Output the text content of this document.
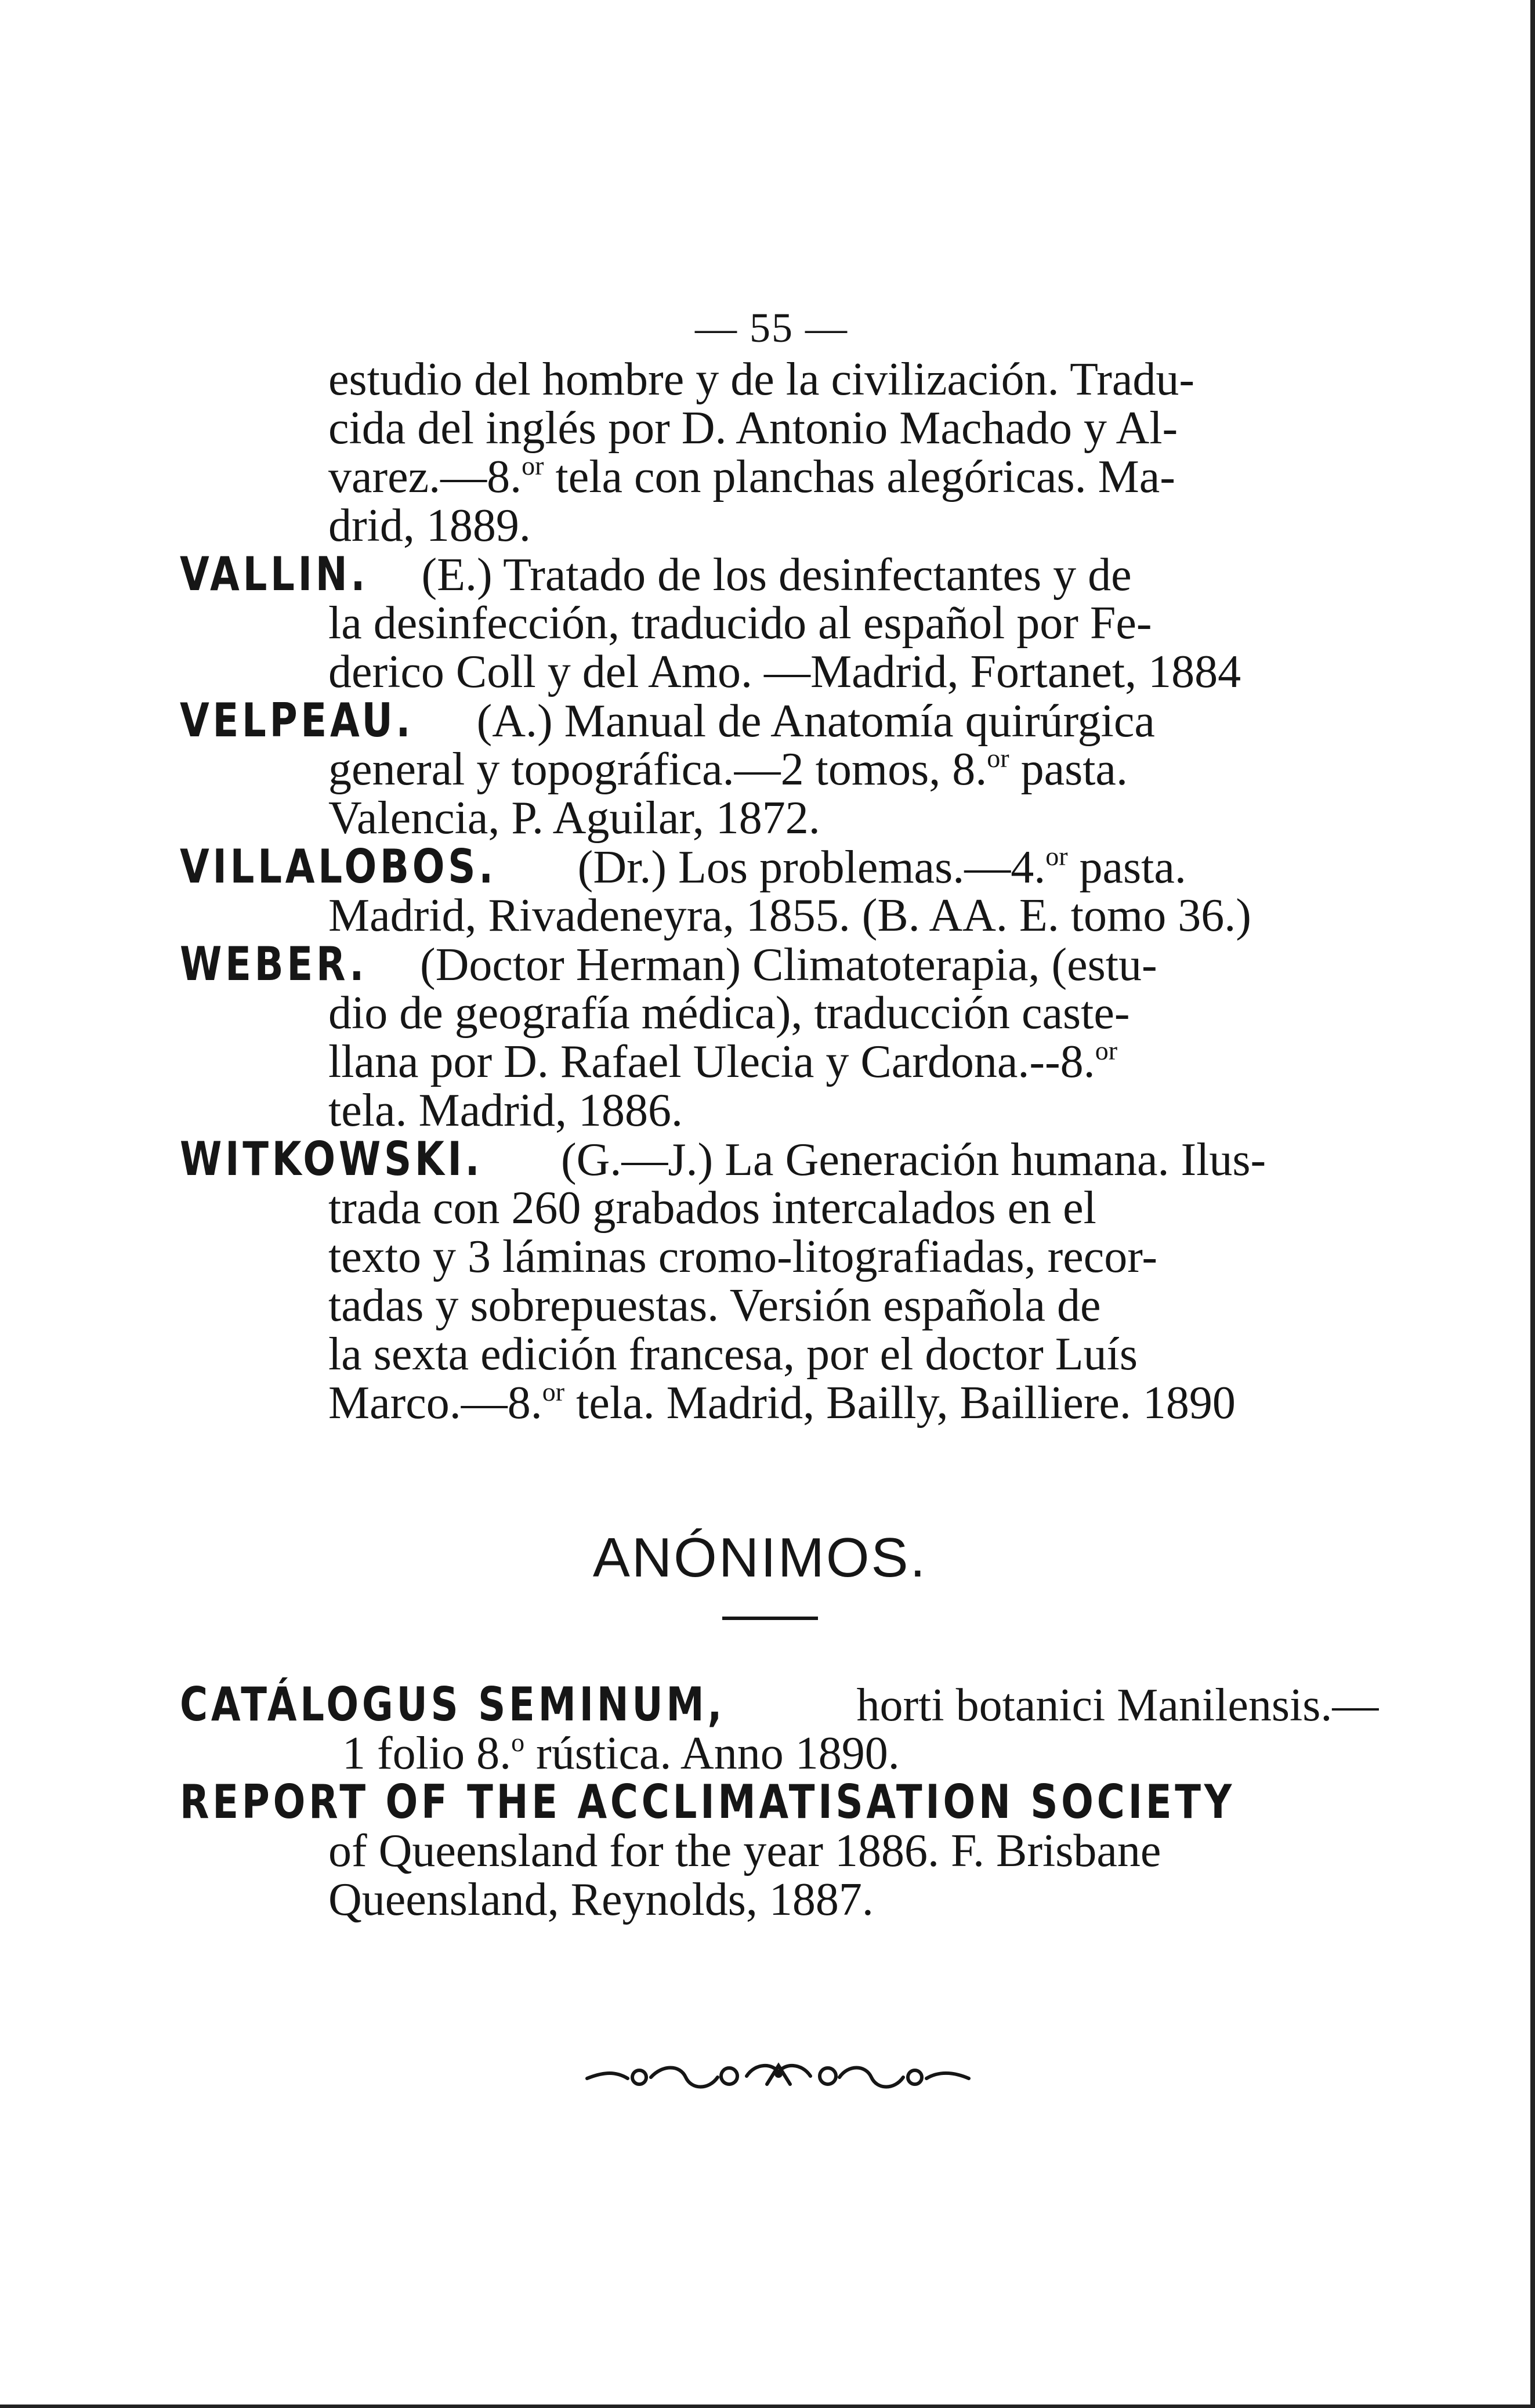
— 55 —
estudio del hombre y de la civilización. Tradu-
cida del inglés por D. Antonio Machado y Al-
varez.—8.$^{or}$ tela con planchas alegóricas. Ma-
drid, 1889.
VALLIN. (E.) Tratado de los desinfectantes y de
la desinfección, traducido al español por Fe-
derico Coll y del Amo. —Madrid, Fortanet, 1884
VELPEAU. (A.) Manual de Anatomía quirúrgica
general y topográfica.—2 tomos, 8.$^{or}$ pasta.
Valencia, P. Aguilar, 1872.
VILLALOBOS. (Dr.) Los problemas.—4.$^{or}$ pasta.
Madrid, Rivadeneyra, 1855. (B. AA. E. tomo 36.)
WEBER. (Doctor Herman) Climatoterapia, (estu-
dio de geografía médica), traducción caste-
llana por D. Rafael Ulecia y Cardona.--8.$^{or}$
tela. Madrid, 1886.
WITKOWSKI. (G.—J.) La Generación humana. Ilus-
trada con 260 grabados intercalados en el
texto y 3 láminas cromo-litografiadas, recor-
tadas y sobrepuestas. Versión española de
la sexta edición francesa, por el doctor Luís
Marco.—8.$^{or}$ tela. Madrid, Bailly, Bailliere. 1890
ANÓNIMOS.
CATÁLOGUS SEMINUM,	horti botanici Manilensis.—
1 folio 8.$^o$ rústica. Anno 1890.
REPORT OF THE ACCLIMATISATION SOCIETY
of Queensland for the year 1886. F. Brisbane
Queensland, Reynolds, 1887.
